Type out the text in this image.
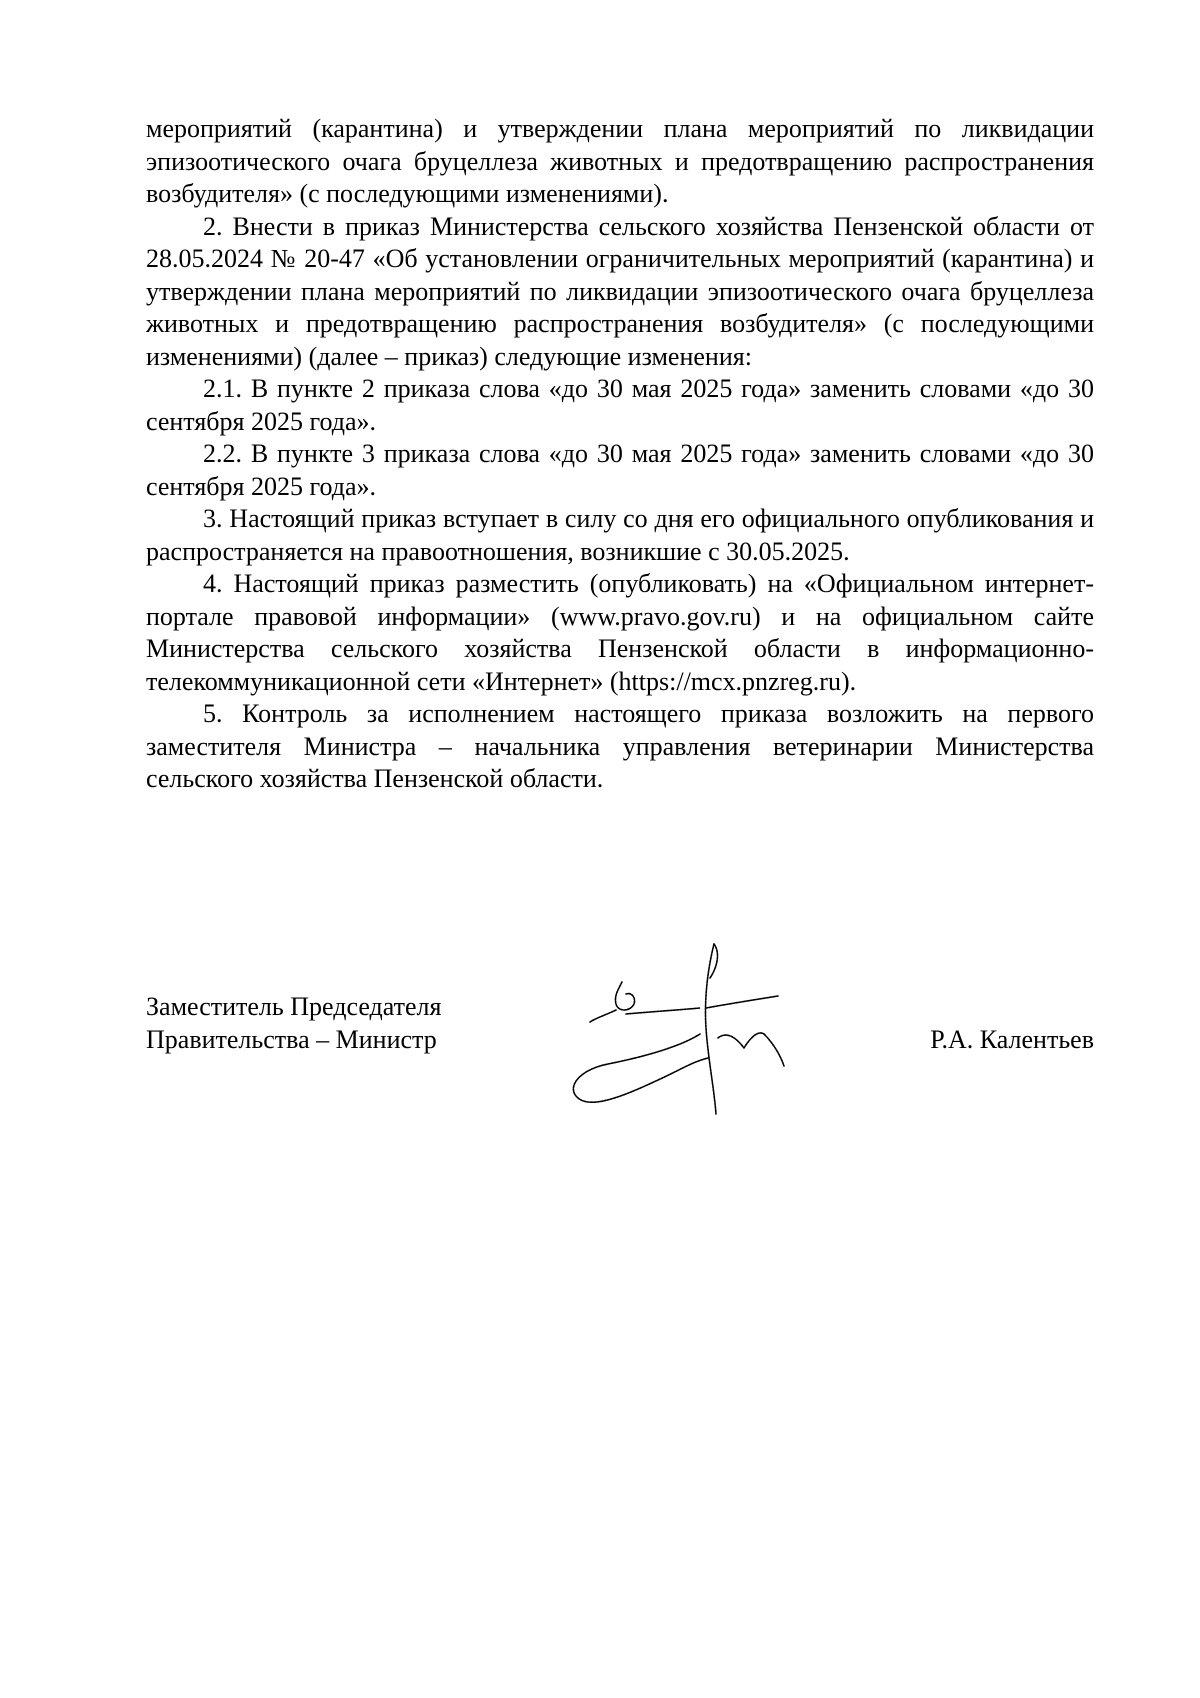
мероприятий (карантина) и утверждении плана мероприятий по ликвидации эпизоотического очага бруцеллеза животных и предотвращению распространения возбудителя» (с последующими изменениями).

2. Внести в приказ Министерства сельского хозяйства Пензенской области от 28.05.2024 № 20-47 «Об установлении ограничительных мероприятий (карантина) и утверждении плана мероприятий по ликвидации эпизоотического очага бруцеллеза животных и предотвращению распространения возбудителя» (с последующими изменениями) (далее – приказ) следующие изменения:

2.1. В пункте 2 приказа слова «до 30 мая 2025 года» заменить словами «до 30 сентября 2025 года».

2.2. В пункте 3 приказа слова «до 30 мая 2025 года» заменить словами «до 30 сентября 2025 года».

3. Настоящий приказ вступает в силу со дня его официального опубликования и распространяется на правоотношения, возникшие с 30.05.2025.

4. Настоящий приказ разместить (опубликовать) на «Официальном интернет-портале правовой информации» (www.pravo.gov.ru) и на официальном сайте Министерства сельского хозяйства Пензенской области в информационно-телекоммуникационной сети «Интернет» (https://mcx.pnzreg.ru).

5. Контроль за исполнением настоящего приказа возложить на первого заместителя Министра – начальника управления ветеринарии Министерства сельского хозяйства Пензенской области.

Заместитель Председателя
Правительства – Министр	Р.А. Калентьев
